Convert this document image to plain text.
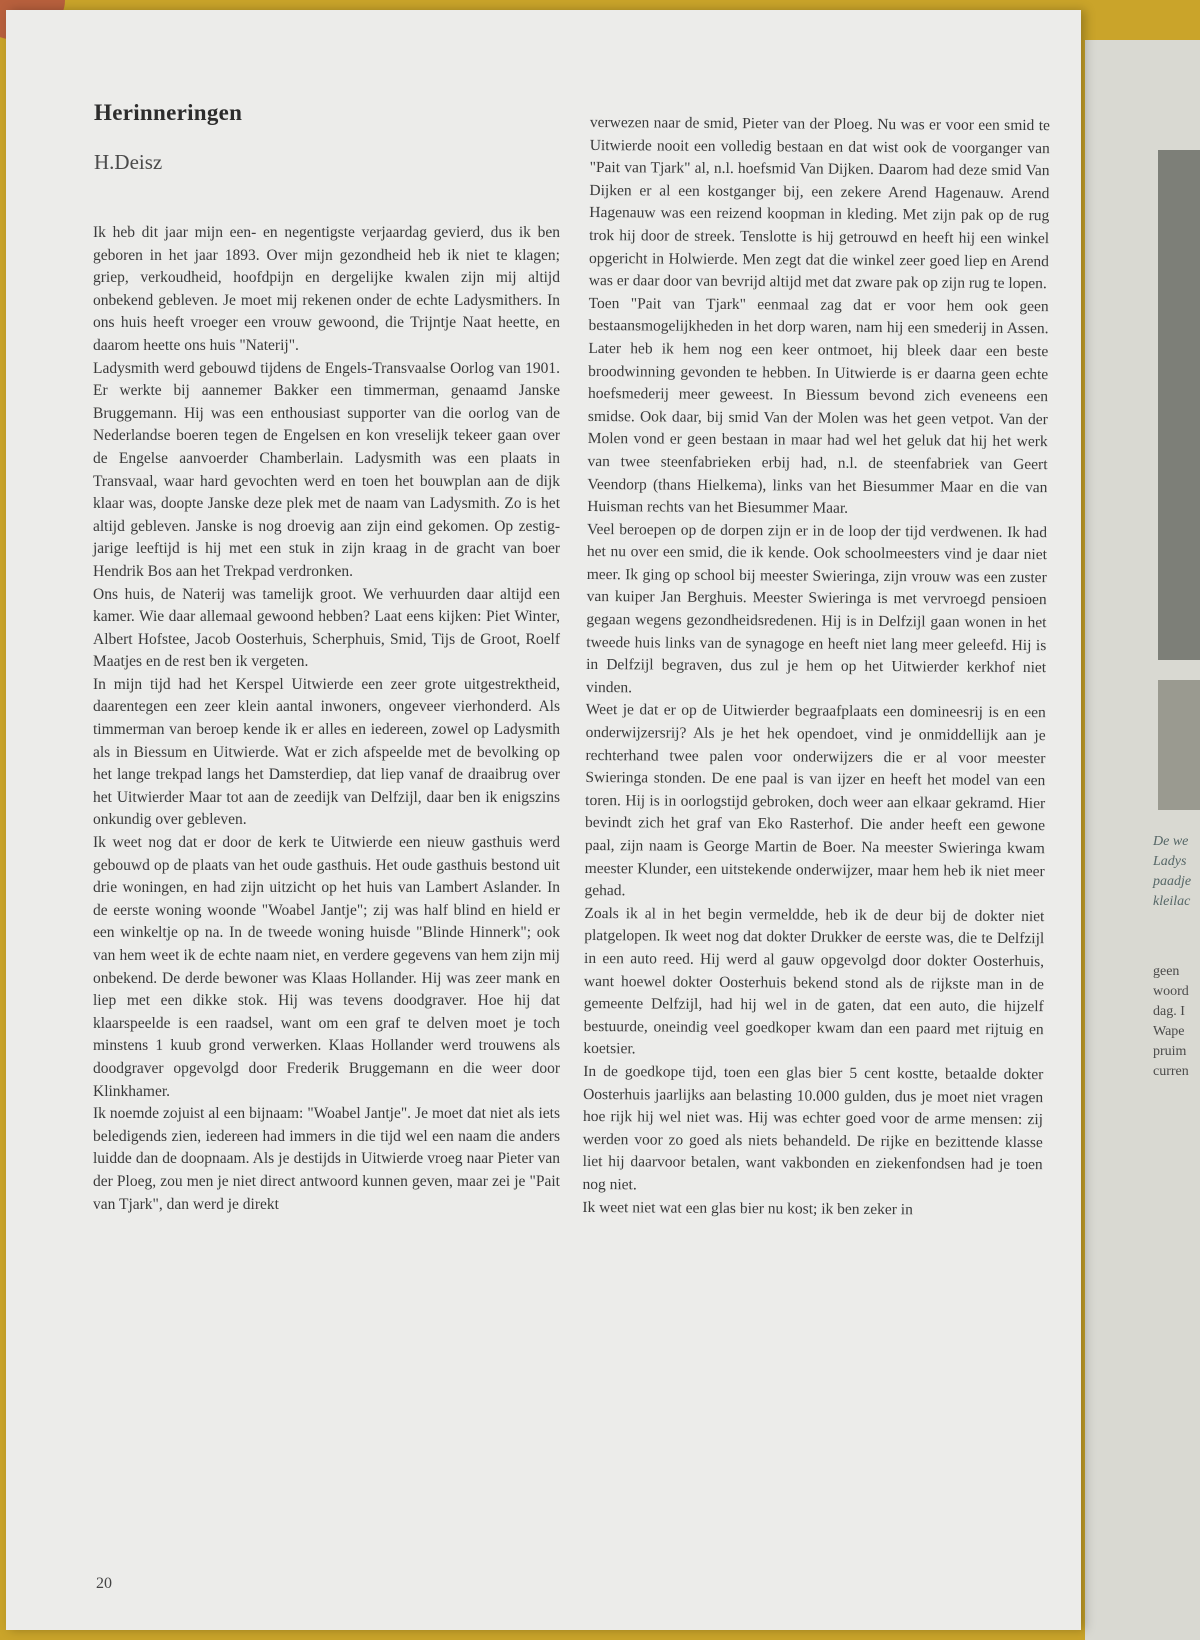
De we
Ladys
paadje
kleilac
geen
woord
dag. I
Wape
pruim
curren
Herinneringen
H.Deisz

Ik heb dit jaar mijn een- en negentigste verjaardag gevierd, dus ik ben geboren in het jaar 1893. Over mijn gezondheid heb ik niet te klagen; griep, verkoudheid, hoofdpijn en dergelijke kwalen zijn mij altijd onbekend gebleven. Je moet mij rekenen onder de echte Ladysmithers. In ons huis heeft vroeger een vrouw gewoond, die Trijntje Naat heette, en daarom heette ons huis "Naterij".

Ladysmith werd gebouwd tijdens de Engels-Transvaalse Oorlog van 1901. Er werkte bij aannemer Bakker een timmerman, genaamd Janske Bruggemann. Hij was een enthousiast supporter van die oorlog van de Nederlandse boeren tegen de Engelsen en kon vreselijk tekeer gaan over de Engelse aanvoerder Chamberlain. Ladysmith was een plaats in Transvaal, waar hard gevochten werd en toen het bouwplan aan de dijk klaar was, doopte Janske deze plek met de naam van Ladysmith. Zo is het altijd gebleven. Janske is nog droevig aan zijn eind gekomen. Op zestig-jarige leeftijd is hij met een stuk in zijn kraag in de gracht van boer Hendrik Bos aan het Trekpad verdronken.

Ons huis, de Naterij was tamelijk groot. We verhuurden daar altijd een kamer. Wie daar allemaal gewoond hebben? Laat eens kijken: Piet Winter, Albert Hofstee, Jacob Oosterhuis, Scherphuis, Smid, Tijs de Groot, Roelf Maatjes en de rest ben ik vergeten.

In mijn tijd had het Kerspel Uitwierde een zeer grote uitgestrektheid, daarentegen een zeer klein aantal inwoners, ongeveer vierhonderd. Als timmerman van beroep kende ik er alles en iedereen, zowel op Ladysmith als in Biessum en Uitwierde. Wat er zich afspeelde met de bevolking op het lange trekpad langs het Damsterdiep, dat liep vanaf de draaibrug over het Uitwierder Maar tot aan de zeedijk van Delfzijl, daar ben ik enigszins onkundig over gebleven.

Ik weet nog dat er door de kerk te Uitwierde een nieuw gasthuis werd gebouwd op de plaats van het oude gasthuis. Het oude gasthuis bestond uit drie woningen, en had zijn uitzicht op het huis van Lambert Aslander. In de eerste woning woonde "Woabel Jantje"; zij was half blind en hield er een winkeltje op na. In de tweede woning huisde "Blinde Hinnerk"; ook van hem weet ik de echte naam niet, en verdere gegevens van hem zijn mij onbekend. De derde bewoner was Klaas Hollander. Hij was zeer mank en liep met een dikke stok. Hij was tevens doodgraver. Hoe hij dat klaarspeelde is een raadsel, want om een graf te delven moet je toch minstens 1 kuub grond verwerken. Klaas Hollander werd trouwens als doodgraver opgevolgd door Frederik Bruggemann en die weer door Klinkhamer.

Ik noemde zojuist al een bijnaam: "Woabel Jantje". Je moet dat niet als iets beledigends zien, iedereen had immers in die tijd wel een naam die anders luidde dan de doopnaam. Als je destijds in Uitwierde vroeg naar Pieter van der Ploeg, zou men je niet direct antwoord kunnen geven, maar zei je "Pait van Tjark", dan werd je direkt

verwezen naar de smid, Pieter van der Ploeg. Nu was er voor een smid te Uitwierde nooit een volledig bestaan en dat wist ook de voorganger van "Pait van Tjark" al, n.l. hoefsmid Van Dijken. Daarom had deze smid Van Dijken er al een kostganger bij, een zekere Arend Hagenauw. Arend Hagenauw was een reizend koopman in kleding. Met zijn pak op de rug trok hij door de streek. Tenslotte is hij getrouwd en heeft hij een winkel opgericht in Holwierde. Men zegt dat die winkel zeer goed liep en Arend was er daar door van bevrijd altijd met dat zware pak op zijn rug te lopen.

Toen "Pait van Tjark" eenmaal zag dat er voor hem ook geen bestaansmogelijkheden in het dorp waren, nam hij een smederij in Assen. Later heb ik hem nog een keer ontmoet, hij bleek daar een beste broodwinning gevonden te hebben. In Uitwierde is er daarna geen echte hoefsmederij meer geweest. In Biessum bevond zich eveneens een smidse. Ook daar, bij smid Van der Molen was het geen vetpot. Van der Molen vond er geen bestaan in maar had wel het geluk dat hij het werk van twee steenfabrieken erbij had, n.l. de steenfabriek van Geert Veendorp (thans Hielkema), links van het Biesummer Maar en die van Huisman rechts van het Biesummer Maar.

Veel beroepen op de dorpen zijn er in de loop der tijd verdwenen. Ik had het nu over een smid, die ik kende. Ook schoolmeesters vind je daar niet meer. Ik ging op school bij meester Swieringa, zijn vrouw was een zuster van kuiper Jan Berghuis. Meester Swieringa is met vervroegd pensioen gegaan wegens gezondheidsredenen. Hij is in Delfzijl gaan wonen in het tweede huis links van de synagoge en heeft niet lang meer geleefd. Hij is in Delfzijl begraven, dus zul je hem op het Uitwierder kerkhof niet vinden.

Weet je dat er op de Uitwierder begraafplaats een domineesrij is en een onderwijzersrij? Als je het hek opendoet, vind je onmiddellijk aan je rechterhand twee palen voor onderwijzers die er al voor meester Swieringa stonden. De ene paal is van ijzer en heeft het model van een toren. Hij is in oorlogstijd gebroken, doch weer aan elkaar gekramd. Hier bevindt zich het graf van Eko Rasterhof. Die ander heeft een gewone paal, zijn naam is George Martin de Boer. Na meester Swieringa kwam meester Klunder, een uitstekende onderwijzer, maar hem heb ik niet meer gehad.

Zoals ik al in het begin vermeldde, heb ik de deur bij de dokter niet platgelopen. Ik weet nog dat dokter Drukker de eerste was, die te Delfzijl in een auto reed. Hij werd al gauw opgevolgd door dokter Oosterhuis, want hoewel dokter Oosterhuis bekend stond als de rijkste man in de gemeente Delfzijl, had hij wel in de gaten, dat een auto, die hijzelf bestuurde, oneindig veel goedkoper kwam dan een paard met rijtuig en koetsier.

In de goedkope tijd, toen een glas bier 5 cent kostte, betaalde dokter Oosterhuis jaarlijks aan belasting 10.000 gulden, dus je moet niet vragen hoe rijk hij wel niet was. Hij was echter goed voor de arme mensen: zij werden voor zo goed als niets behandeld. De rijke en bezittende klasse liet hij daarvoor betalen, want vakbonden en ziekenfondsen had je toen nog niet.

Ik weet niet wat een glas bier nu kost; ik ben zeker in

20
